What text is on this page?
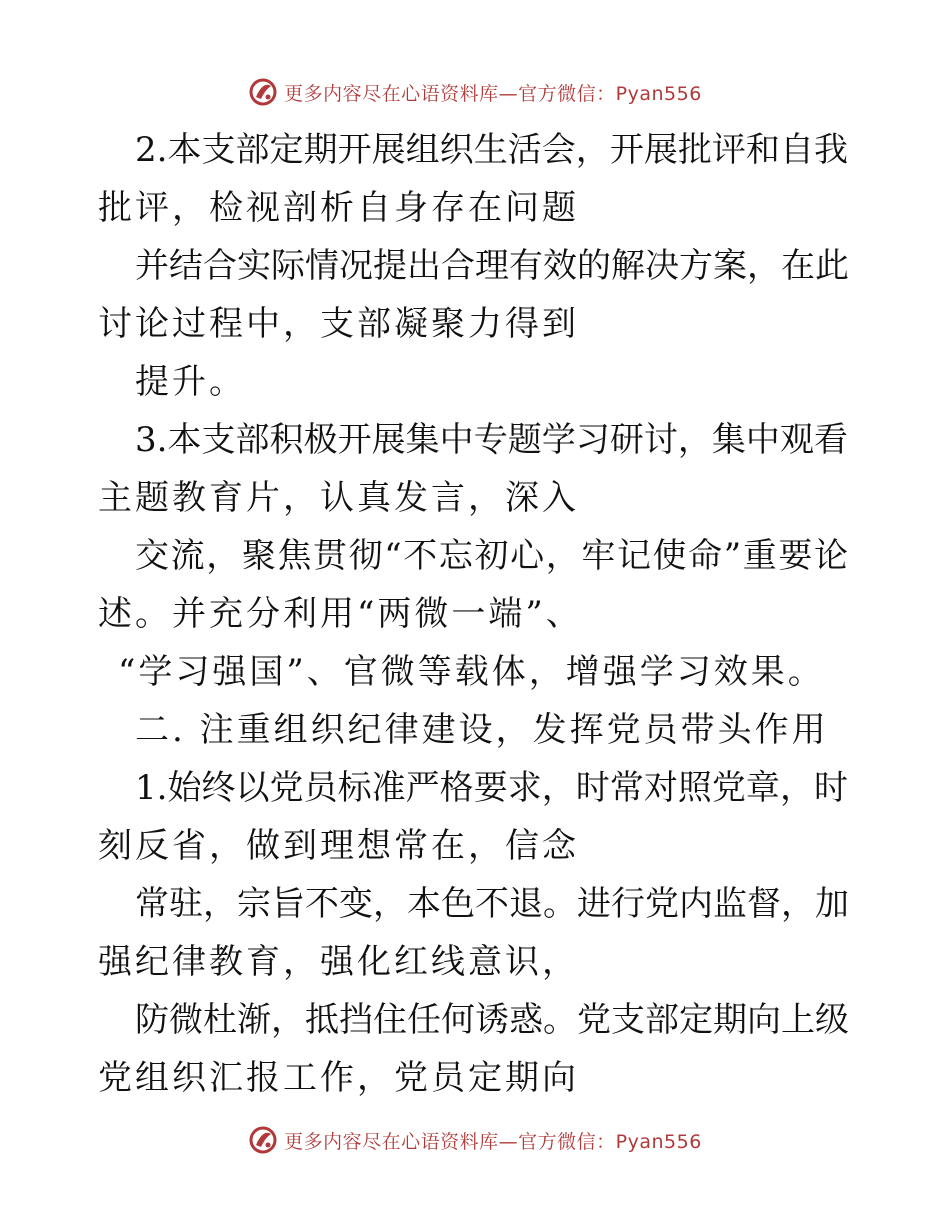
更多内容尽在心语资料库—官方微信：Pyan556
2.本支部定期开展组织生活会，开展批评和自我
批评，检视剖析自身存在问题
并结合实际情况提出合理有效的解决方案，在此
讨论过程中，支部凝聚力得到
提升。
3.本支部积极开展集中专题学习研讨，集中观看
主题教育片，认真发言，深入
交流，聚焦贯彻“不忘初心，牢记使命”重要论
述。并充分利用“两微一端”、
“学习强国”、官微等载体，增强学习效果。
二. 注重组织纪律建设，发挥党员带头作用
1.始终以党员标准严格要求，时常对照党章，时
刻反省，做到理想常在，信念
常驻，宗旨不变，本色不退。进行党内监督，加
强纪律教育，强化红线意识，
防微杜渐，抵挡住任何诱惑。党支部定期向上级
党组织汇报工作，党员定期向
更多内容尽在心语资料库—官方微信：Pyan556
